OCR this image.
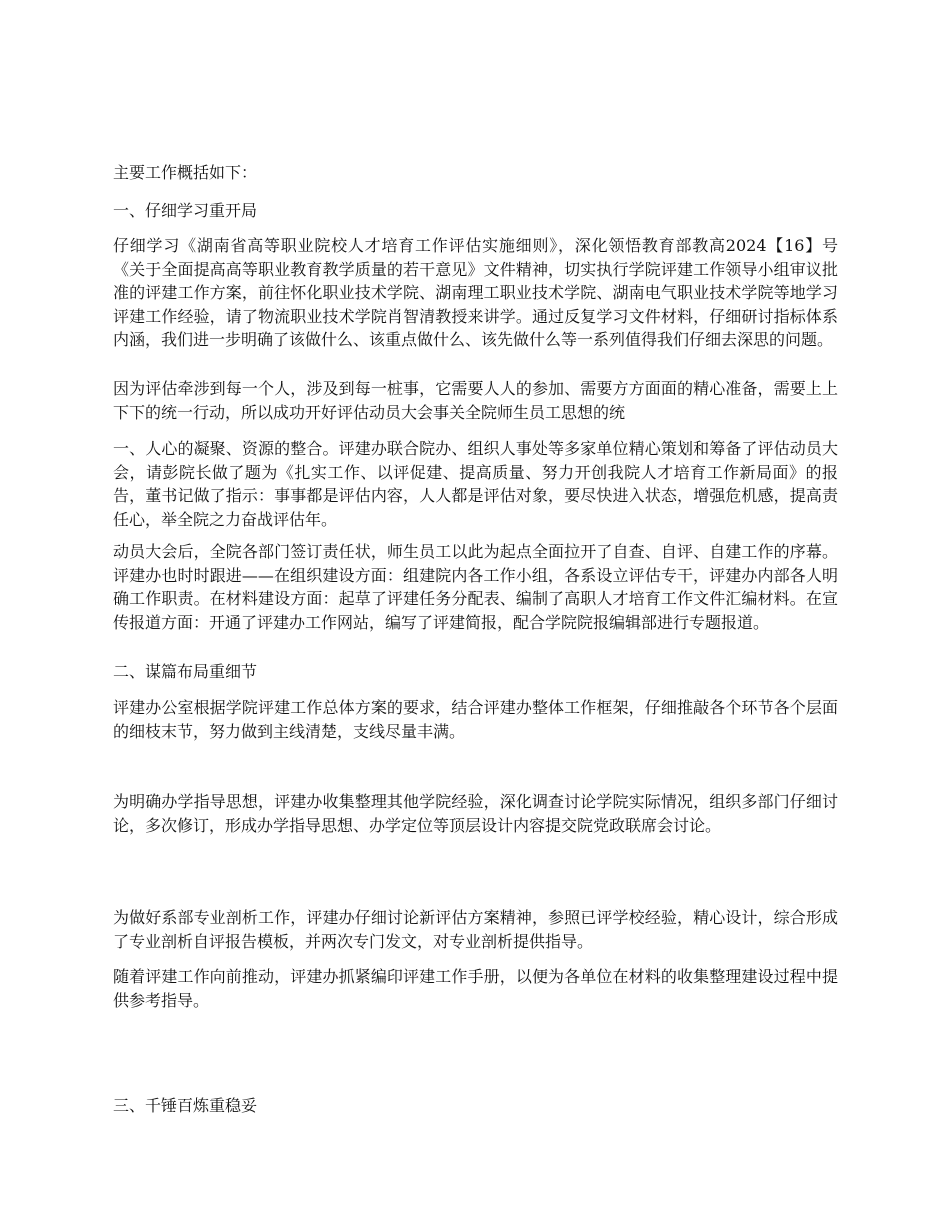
主要工作概括如下：

一、仔细学习重开局

仔细学习《湖南省高等职业院校人才培育工作评估实施细则》，深化领悟教育部教高2024【16】号《关于全面提高高等职业教育教学质量的若干意见》文件精神，切实执行学院评建工作领导小组审议批准的评建工作方案，前往怀化职业技术学院、湖南理工职业技术学院、湖南电气职业技术学院等地学习评建工作经验，请了物流职业技术学院肖智清教授来讲学。通过反复学习文件材料，仔细研讨指标体系内涵，我们进一步明确了该做什么、该重点做什么、该先做什么等一系列值得我们仔细去深思的问题。

因为评估牵涉到每一个人，涉及到每一桩事，它需要人人的参加、需要方方面面的精心准备，需要上上下下的统一行动，所以成功开好评估动员大会事关全院师生员工思想的统

一、人心的凝聚、资源的整合。评建办联合院办、组织人事处等多家单位精心策划和筹备了评估动员大会，请彭院长做了题为《扎实工作、以评促建、提高质量、努力开创我院人才培育工作新局面》的报告，董书记做了指示：事事都是评估内容，人人都是评估对象，要尽快进入状态，增强危机感，提高责任心，举全院之力奋战评估年。

动员大会后，全院各部门签订责任状，师生员工以此为起点全面拉开了自查、自评、自建工作的序幕。评建办也时时跟进——在组织建设方面：组建院内各工作小组，各系设立评估专干，评建办内部各人明确工作职责。在材料建设方面：起草了评建任务分配表、编制了高职人才培育工作文件汇编材料。在宣传报道方面：开通了评建办工作网站，编写了评建简报，配合学院院报编辑部进行专题报道。

二、谋篇布局重细节

评建办公室根据学院评建工作总体方案的要求，结合评建办整体工作框架，仔细推敲各个环节各个层面的细枝末节，努力做到主线清楚，支线尽量丰满。

为明确办学指导思想，评建办收集整理其他学院经验，深化调查讨论学院实际情况，组织多部门仔细讨论，多次修订，形成办学指导思想、办学定位等顶层设计内容提交院党政联席会讨论。

为做好系部专业剖析工作，评建办仔细讨论新评估方案精神，参照已评学校经验，精心设计，综合形成了专业剖析自评报告模板，并两次专门发文，对专业剖析提供指导。

随着评建工作向前推动，评建办抓紧编印评建工作手册，以便为各单位在材料的收集整理建设过程中提供参考指导。

三、千锤百炼重稳妥
